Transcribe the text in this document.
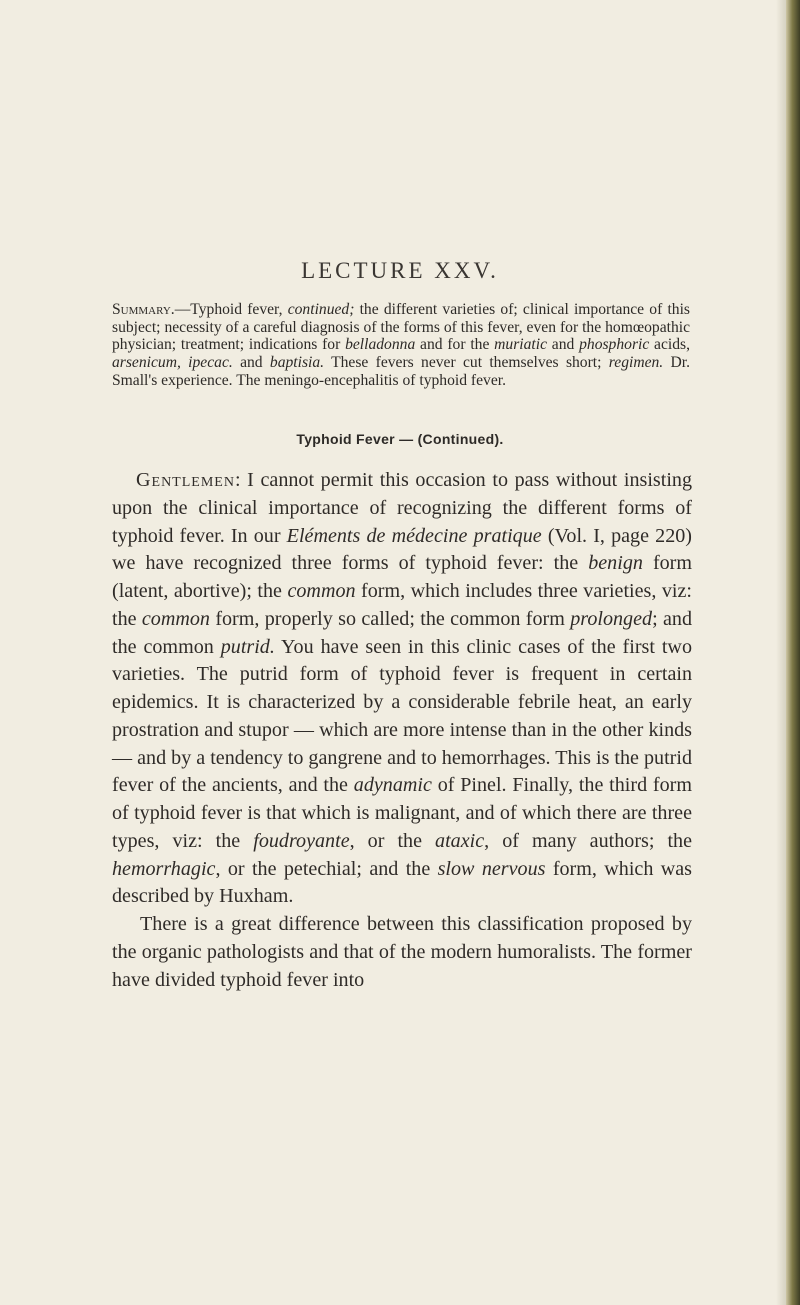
LECTURE XXV.
Summary.—Typhoid fever, continued; the different varieties of; clinical importance of this subject; necessity of a careful diagnosis of the forms of this fever, even for the homœopathic physician; treatment; indications for belladonna and for the muriatic and phosphoric acids, arsenicum, ipecac. and baptisia. These fevers never cut themselves short; regimen. Dr. Small's experience. The meningo-encephalitis of typhoid fever.
Typhoid Fever — (Continued).

Gentlemen: I cannot permit this occasion to pass without insisting upon the clinical importance of recognizing the different forms of typhoid fever. In our Eléments de médecine pratique (Vol. I, page 220) we have recognized three forms of typhoid fever: the benign form (latent, abortive); the common form, which includes three varieties, viz: the common form, properly so called; the common form prolonged; and the common putrid. You have seen in this clinic cases of the first two varieties. The putrid form of typhoid fever is frequent in certain epidemics. It is characterized by a considerable febrile heat, an early prostration and stupor — which are more intense than in the other kinds — and by a tendency to gangrene and to hemorrhages. This is the putrid fever of the ancients, and the adynamic of Pinel. Finally, the third form of typhoid fever is that which is malignant, and of which there are three types, viz: the foudroyante, or the ataxic, of many authors; the hemorrhagic, or the petechial; and the slow nervous form, which was described by Huxham.

There is a great difference between this classification proposed by the organic pathologists and that of the modern humoralists. The former have divided typhoid fever into
